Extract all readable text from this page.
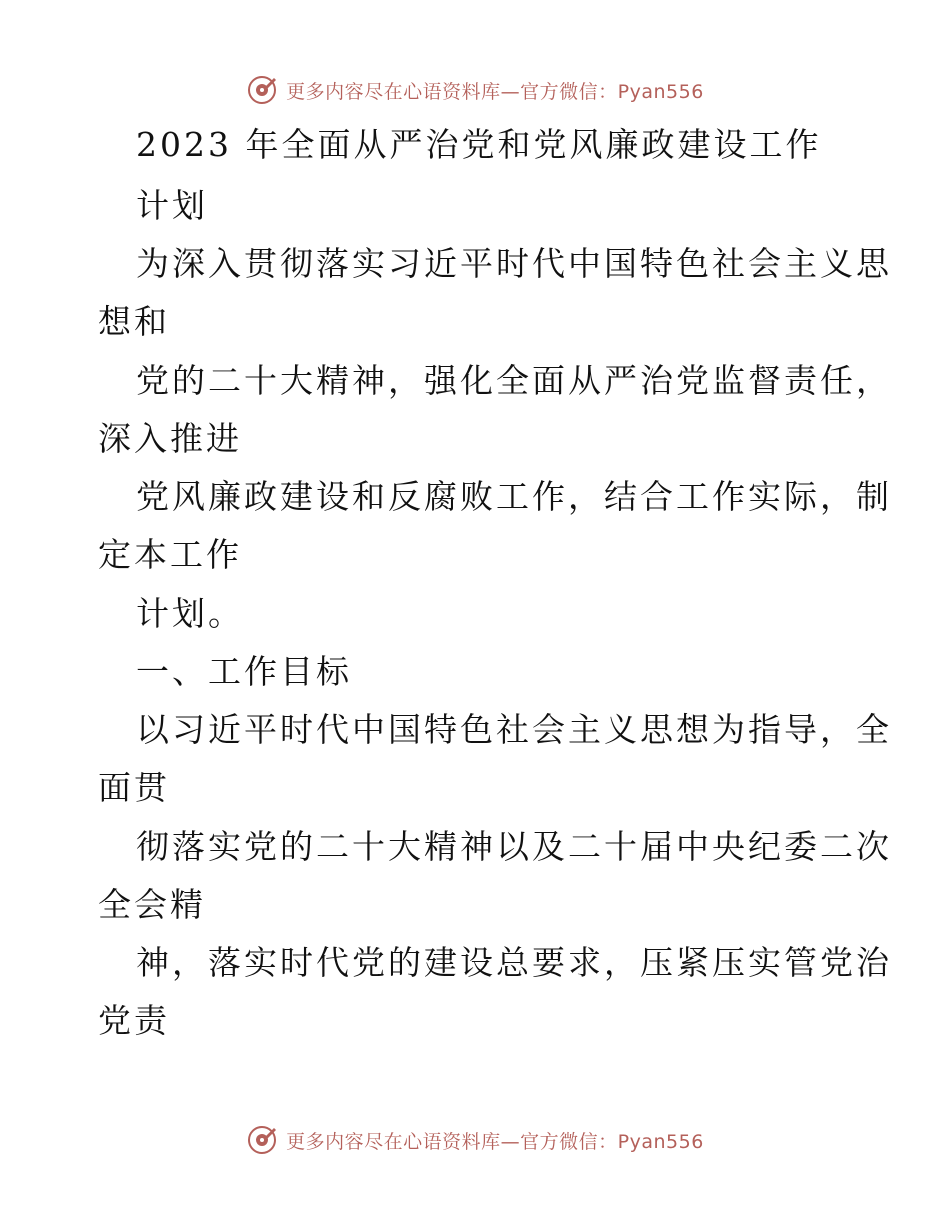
更多内容尽在心语资料库—官方微信：Pyan556
2023 年全面从严治党和党风廉政建设工作
计划
为深入贯彻落实习近平时代中国特色社会主义思
想和
党的二十大精神，强化全面从严治党监督责任，
深入推进
党风廉政建设和反腐败工作，结合工作实际，制
定本工作
计划。
一、工作目标
以习近平时代中国特色社会主义思想为指导，全
面贯
彻落实党的二十大精神以及二十届中央纪委二次
全会精
神，落实时代党的建设总要求，压紧压实管党治
党责
更多内容尽在心语资料库—官方微信：Pyan556
